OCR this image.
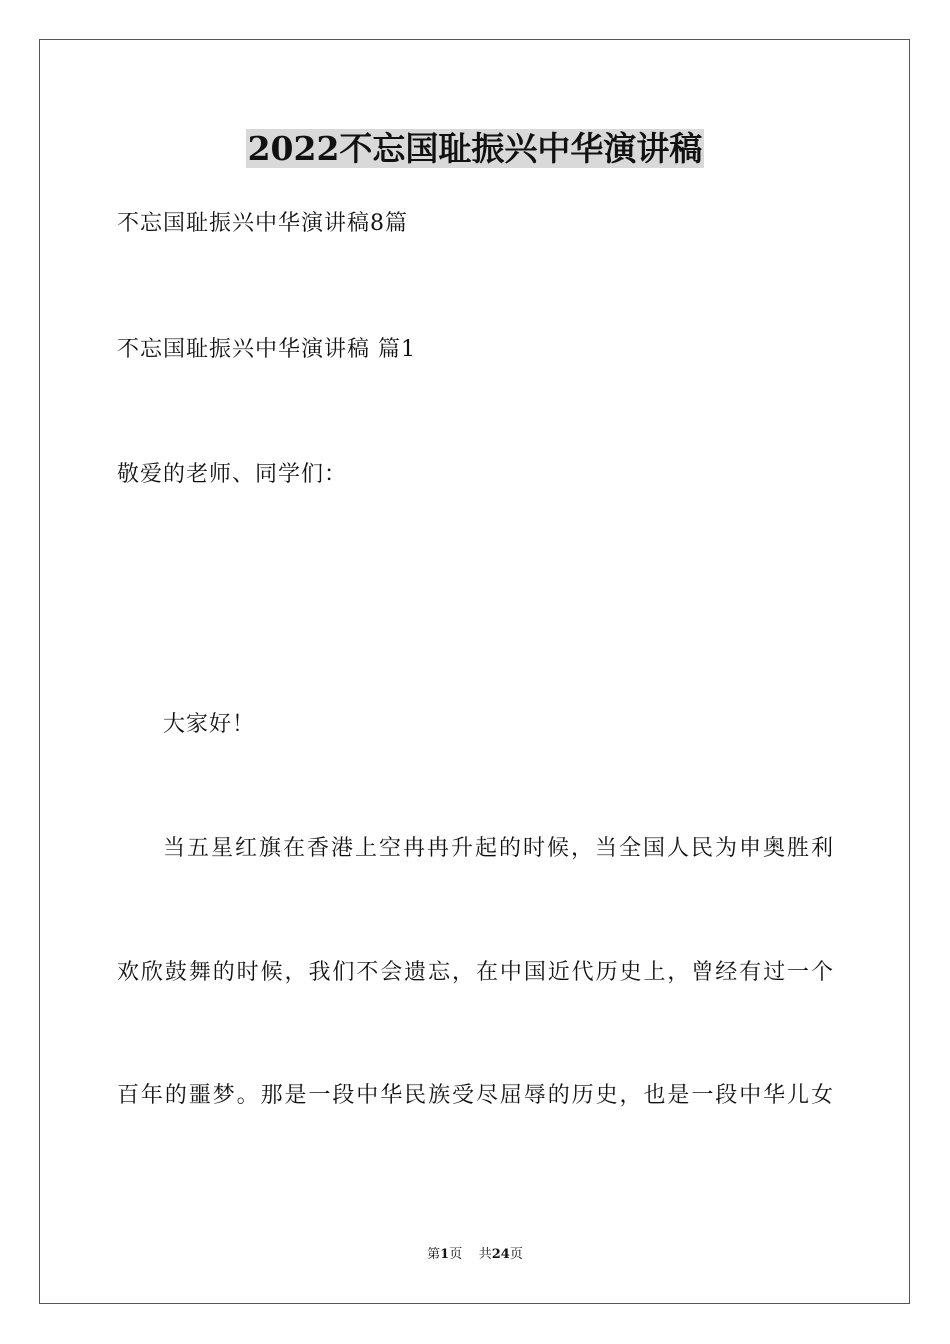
2022不忘国耻振兴中华演讲稿
不忘国耻振兴中华演讲稿8篇
不忘国耻振兴中华演讲稿 篇1
敬爱的老师、同学们：
大家好！
当五星红旗在香港上空冉冉升起的时候，当全国人民为申奥胜利
欢欣鼓舞的时候，我们不会遗忘，在中国近代历史上，曾经有过一个
百年的噩梦。那是一段中华民族受尽屈辱的历史，也是一段中华儿女
第1页 共24页
